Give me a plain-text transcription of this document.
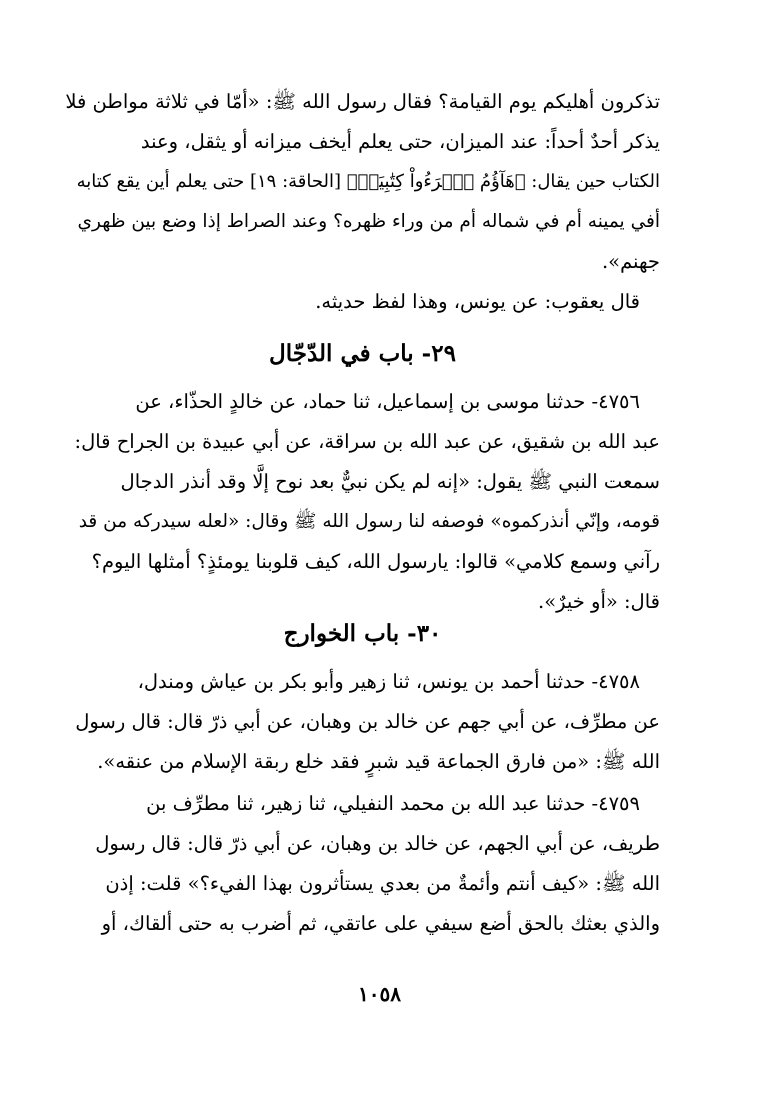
تذكرون أهليكم يوم القيامة؟ فقال رسول الله ﷺ: «أمّا في ثلاثة مواطن فلا
يذكر أحدٌ أحداً: عند الميزان، حتى يعلم أيخف ميزانه أو يثقل، وعند
الكتاب حين يقال: ﴿هَآؤُمُ ٱقۡرَءُواْ كِتَٰبِيَهۡ﴾ [الحاقة: ١٩] حتى يعلم أين يقع كتابه
أفي يمينه أم في شماله أم من وراء ظهره؟ وعند الصراط إذا وضع بين ظهري
جهنم».
قال يعقوب: عن يونس، وهذا لفظ حديثه.
٢٩- باب في الدّجّال
٤٧٥٦- حدثنا موسى بن إسماعيل، ثنا حماد، عن خالدٍ الحذّاء، عن
عبد الله بن شقيق، عن عبد الله بن سراقة، عن أبي عبيدة بن الجراح قال:
سمعت النبي ﷺ يقول: «إنه لم يكن نبيٌّ بعد نوح إلَّا وقد أنذر الدجال
قومه، وإنّي أنذركموه» فوصفه لنا رسول الله ﷺ وقال: «لعله سيدركه من قد
رآني وسمع كلامي» قالوا: يارسول الله، كيف قلوبنا يومئذٍ؟ أمثلها اليوم؟
قال: «أو خيرٌ».
٣٠- باب الخوارج
٤٧٥٨- حدثنا أحمد بن يونس، ثنا زهير وأبو بكر بن عياش ومندل،
عن مطرِّف، عن أبي جهم عن خالد بن وهبان، عن أبي ذرّ قال: قال رسول
الله ﷺ: «من فارق الجماعة قيد شبرٍ فقد خلع ربقة الإسلام من عنقه».
٤٧٥٩- حدثنا عبد الله بن محمد النفيلي، ثنا زهير، ثنا مطرِّف بن
طريف، عن أبي الجهم، عن خالد بن وهبان، عن أبي ذرّ قال: قال رسول
الله ﷺ: «كيف أنتم وأئمةٌ من بعدي يستأثرون بهذا الفيء؟» قلت: إذن
والذي بعثك بالحق أضع سيفي على عاتقي، ثم أضرب به حتى ألقاك، أو
١٠٥٨
